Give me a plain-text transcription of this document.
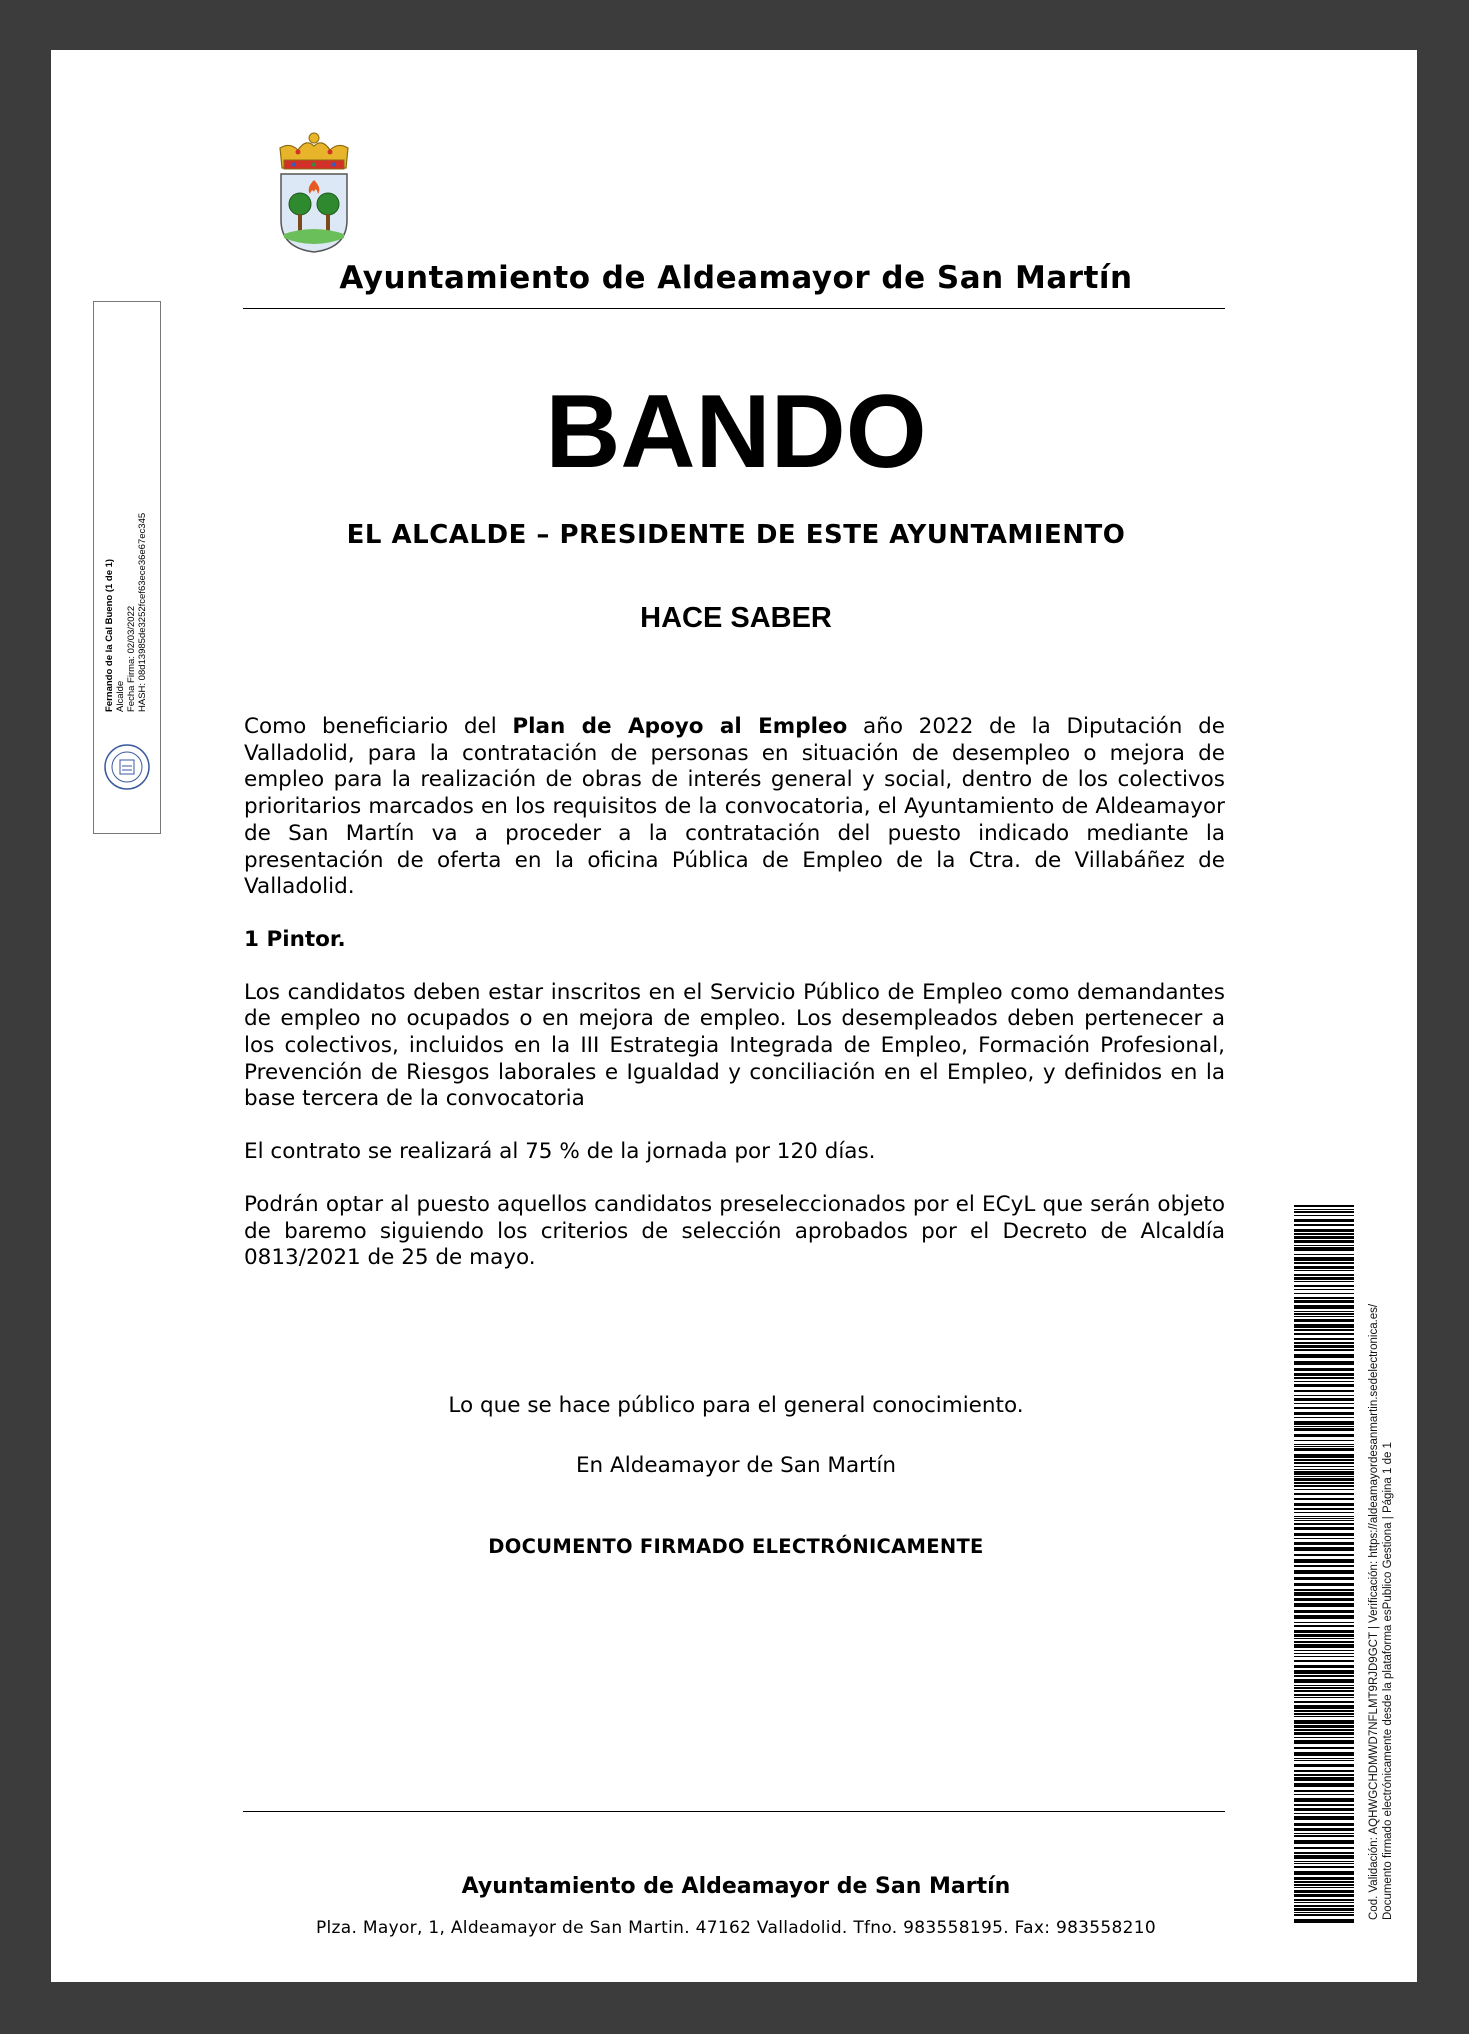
Ayuntamiento de Aldeamayor de San Martín
BANDO
EL ALCALDE – PRESIDENTE DE ESTE AYUNTAMIENTO
HACE SABER

Como beneficiario del Plan de Apoyo al Empleo año 2022 de la Diputación de Valladolid, para la contratación de personas en situación de desempleo o mejora de empleo para la realización de obras de interés general y social, dentro de los colectivos prioritarios marcados en los requisitos de la convocatoria, el Ayuntamiento de Aldeamayor de San Martín va a proceder a la contratación del puesto indicado mediante la presentación de oferta en la oficina Pública de Empleo de la Ctra. de Villabáñez de Valladolid.

1 Pintor.

Los candidatos deben estar inscritos en el Servicio Público de Empleo como demandantes de empleo no ocupados o en mejora de empleo. Los desempleados deben pertenecer a los colectivos, incluidos en la III Estrategia Integrada de Empleo, Formación Profesional, Prevención de Riesgos laborales e Igualdad y conciliación en el Empleo, y definidos en la base tercera de la convocatoria

El contrato se realizará al 75 % de la jornada por 120 días.

Podrán optar al puesto aquellos candidatos preseleccionados por el ECyL que serán objeto de baremo siguiendo los criterios de selección aprobados por el Decreto de Alcaldía 0813/2021 de 25 de mayo.

Lo que se hace público para el general conocimiento.
En Aldeamayor de San Martín
DOCUMENTO FIRMADO ELECTRÓNICAMENTE
Ayuntamiento de Aldeamayor de San Martín
Plza. Mayor, 1, Aldeamayor de San Martin. 47162 Valladolid. Tfno. 983558195. Fax: 983558210
Fernando de la Cal Bueno (1 de 1) Alcalde Fecha Firma: 02/03/2022 HASH: 08d13985de3252fcef63ece36e67ec345
Cod. Validación: AQHWGCHDMWD7NFLMT9RJD9GCT | Verificación: https://aldeamayordesanmartin.sedelectronica.es/ Documento firmado electrónicamente desde la plataforma esPublico Gestiona | Página 1 de 1
